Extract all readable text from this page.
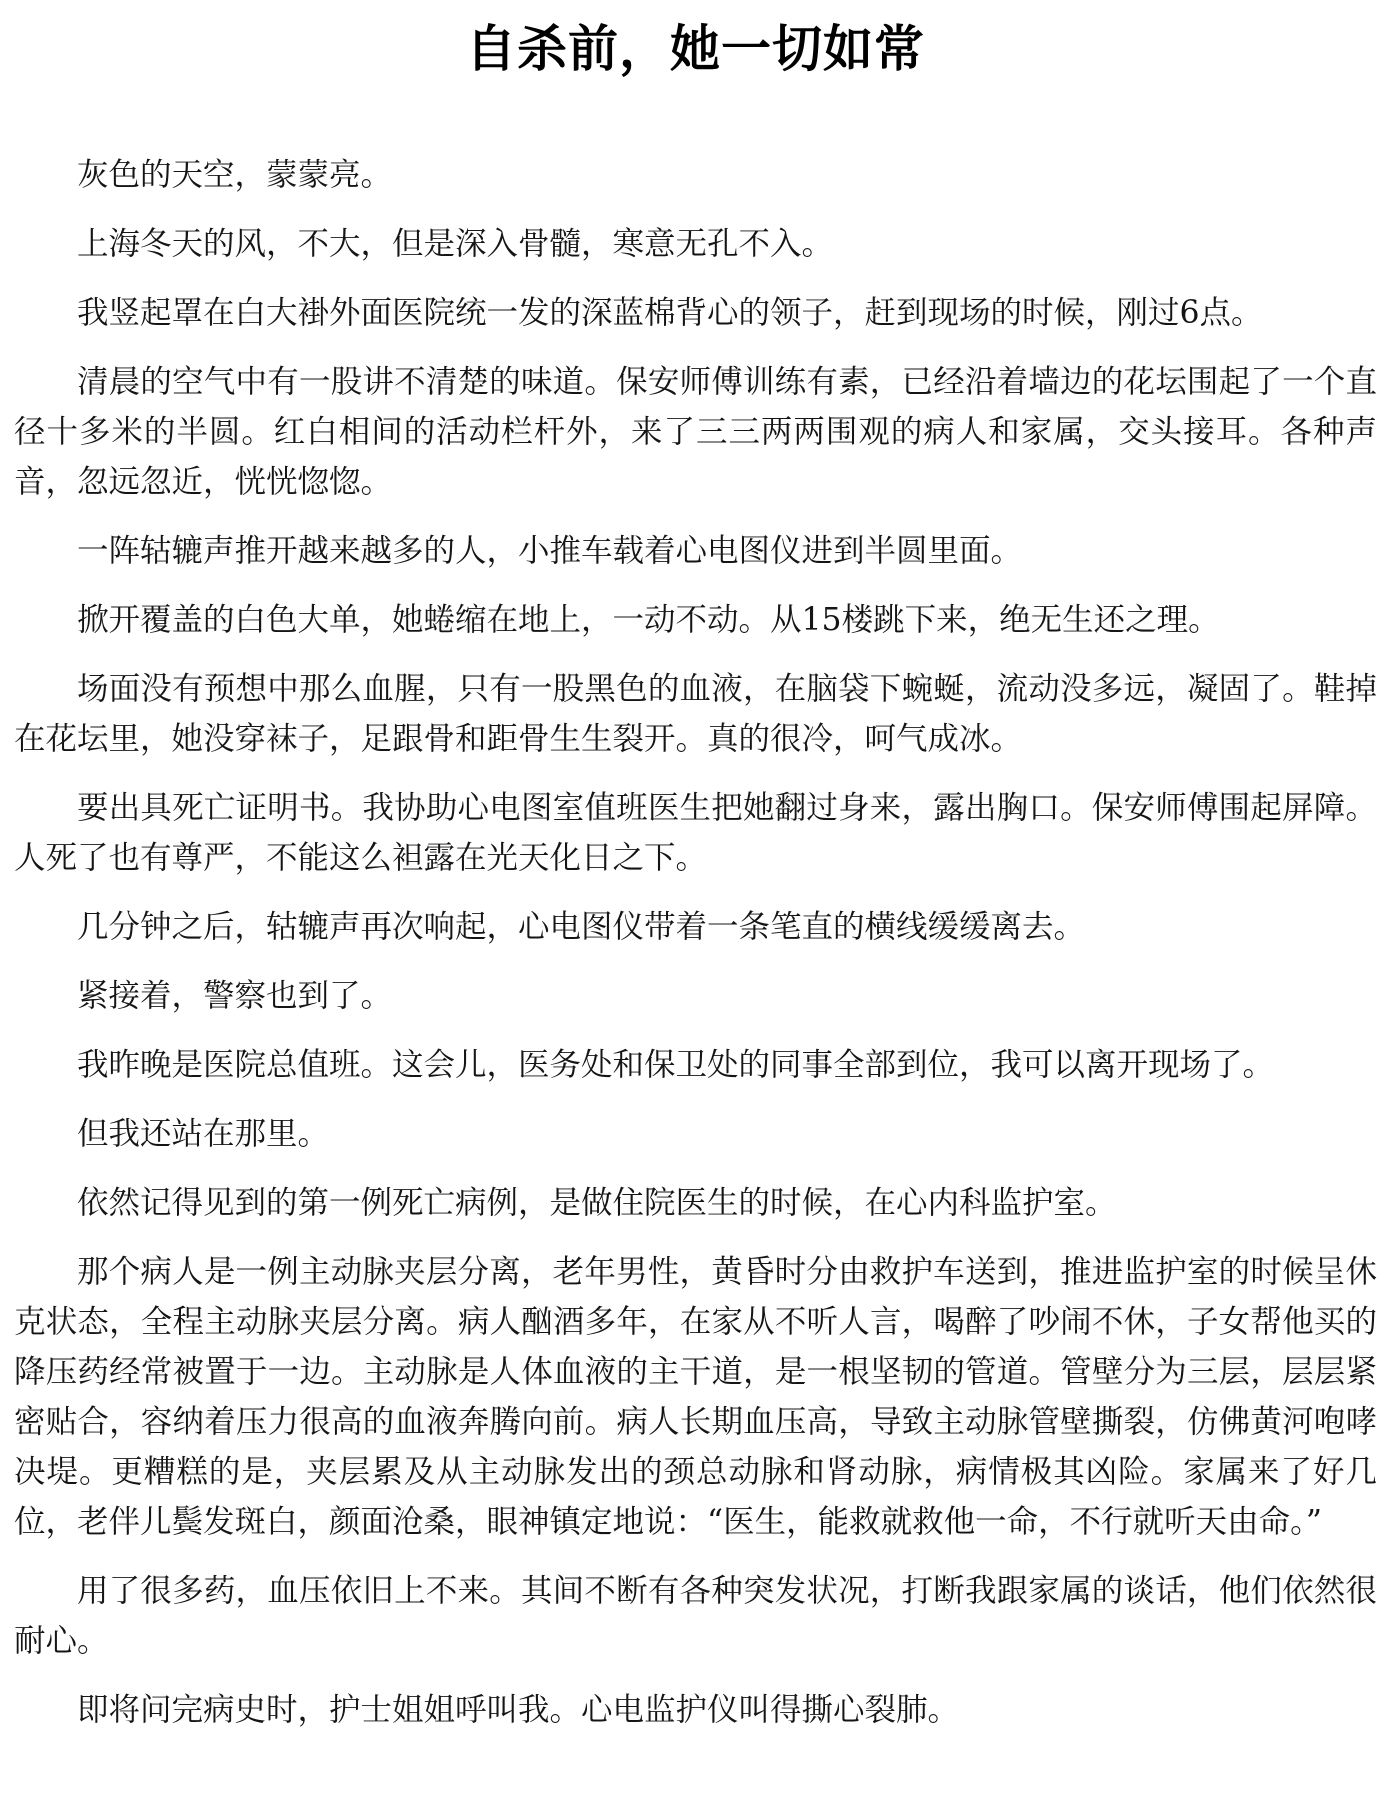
自杀前，她一切如常

灰色的天空，蒙蒙亮。

上海冬天的风，不大，但是深入骨髓，寒意无孔不入。

我竖起罩在白大褂外面医院统一发的深蓝棉背心的领子，赶到现场的时候，刚过6点。

清晨的空气中有一股讲不清楚的味道。保安师傅训练有素，已经沿着墙边的花坛围起了一个直径十多米的半圆。红白相间的活动栏杆外，来了三三两两围观的病人和家属，交头接耳。各种声音，忽远忽近，恍恍惚惚。

一阵轱辘声推开越来越多的人，小推车载着心电图仪进到半圆里面。

掀开覆盖的白色大单，她蜷缩在地上，一动不动。从15楼跳下来，绝无生还之理。

场面没有预想中那么血腥，只有一股黑色的血液，在脑袋下蜿蜒，流动没多远，凝固了。鞋掉在花坛里，她没穿袜子，足跟骨和距骨生生裂开。真的很冷，呵气成冰。

要出具死亡证明书。我协助心电图室值班医生把她翻过身来，露出胸口。保安师傅围起屏障。人死了也有尊严，不能这么袒露在光天化日之下。

几分钟之后，轱辘声再次响起，心电图仪带着一条笔直的横线缓缓离去。

紧接着，警察也到了。

我昨晚是医院总值班。这会儿，医务处和保卫处的同事全部到位，我可以离开现场了。

但我还站在那里。

依然记得见到的第一例死亡病例，是做住院医生的时候，在心内科监护室。

那个病人是一例主动脉夹层分离，老年男性，黄昏时分由救护车送到，推进监护室的时候呈休克状态，全程主动脉夹层分离。病人酗酒多年，在家从不听人言，喝醉了吵闹不休，子女帮他买的降压药经常被置于一边。主动脉是人体血液的主干道，是一根坚韧的管道。管壁分为三层，层层紧密贴合，容纳着压力很高的血液奔腾向前。病人长期血压高，导致主动脉管壁撕裂，仿佛黄河咆哮决堤。更糟糕的是，夹层累及从主动脉发出的颈总动脉和肾动脉，病情极其凶险。家属来了好几位，老伴儿鬓发斑白，颜面沧桑，眼神镇定地说：“医生，能救就救他一命，不行就听天由命。”

用了很多药，血压依旧上不来。其间不断有各种突发状况，打断我跟家属的谈话，他们依然很耐心。

即将问完病史时，护士姐姐呼叫我。心电监护仪叫得撕心裂肺。
